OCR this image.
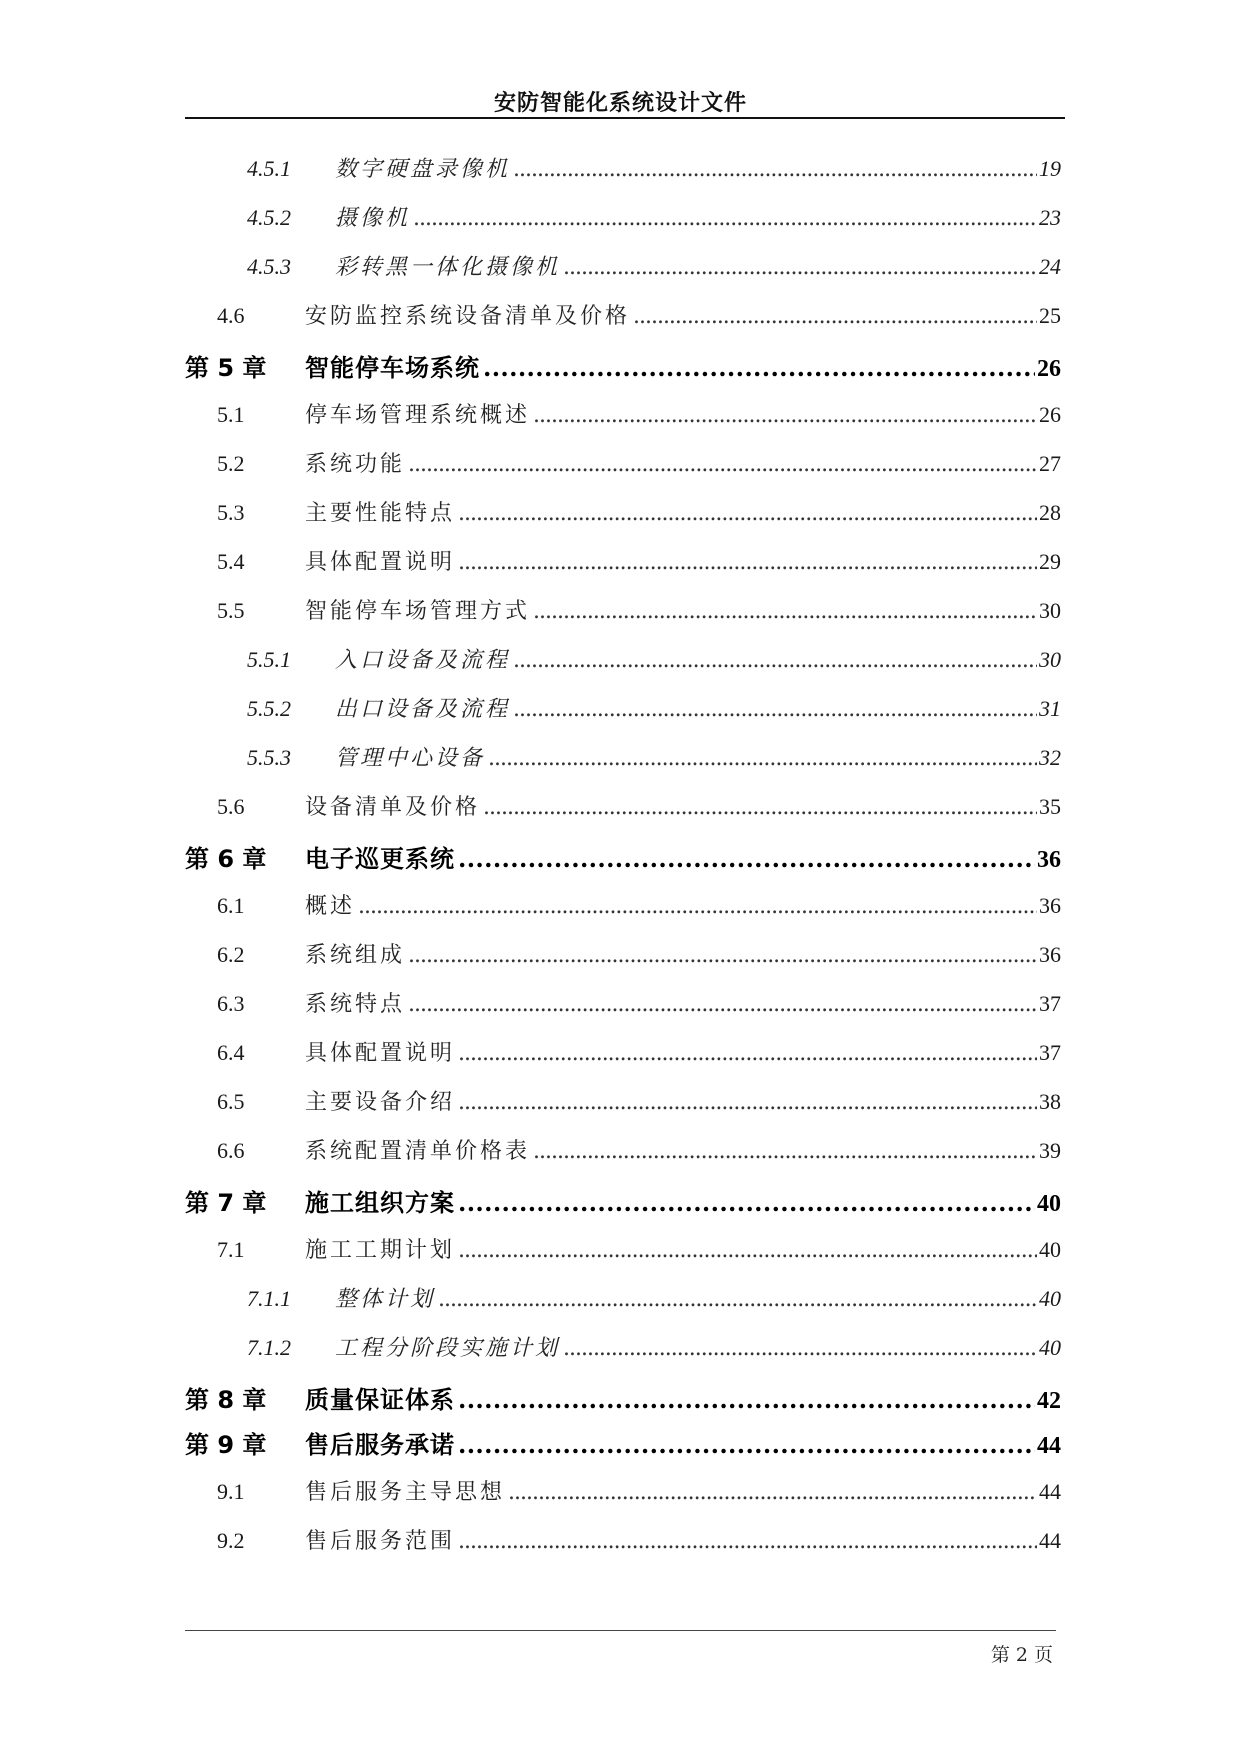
安防智能化系统设计文件
4.5.1	数字硬盘录像机 . . .	19
4.5.2	摄像机 . . .	23
4.5.3	彩转黑一体化摄像机 . . .	24
4.6	安防监控系统设备清单及价格 . . .	25
第 5 章	智能停车场系统 . . .	26
5.1	停车场管理系统概述 . . .	26
5.2	系统功能 . . .	27
5.3	主要性能特点 . . .	28
5.4	具体配置说明 . . .	29
5.5	智能停车场管理方式 . . .	30
5.5.1	入口设备及流程 . . .	30
5.5.2	出口设备及流程 . . .	31
5.5.3	管理中心设备 . . .	32
5.6	设备清单及价格 . . .	35
第 6 章	电子巡更系统 . . .	36
6.1	概述 . . .	36
6.2	系统组成 . . .	36
6.3	系统特点 . . .	37
6.4	具体配置说明 . . .	37
6.5	主要设备介绍 . . .	38
6.6	系统配置清单价格表 . . .	39
第 7 章	施工组织方案 . . .	40
7.1	施工工期计划 . . .	40
7.1.1	整体计划 . . .	40
7.1.2	工程分阶段实施计划 . . .	40
第 8 章	质量保证体系 . . .	42
第 9 章	售后服务承诺 . . .	44
9.1	售后服务主导思想 . . .	44
9.2	售后服务范围 . . .	44
第 2 页
